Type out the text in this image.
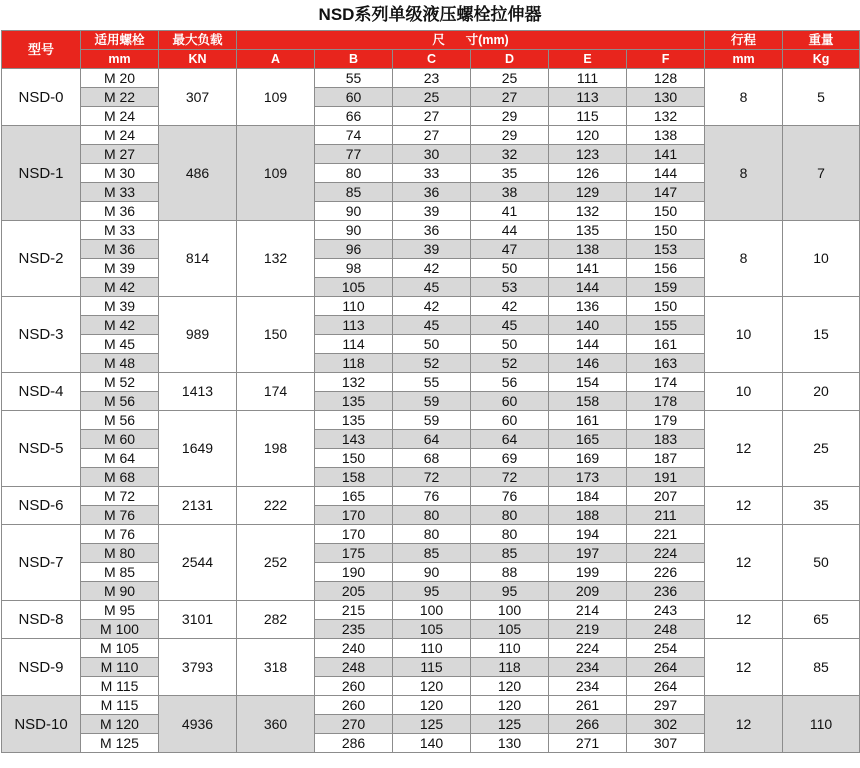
NSD系列单级液压螺栓拉伸器
型号	适用螺栓	最大负载	尺      寸(mm)						行程	重量
	mm	KN	A	B	C	D	E	F	mm	Kg
NSD-0	M 20	307	109	55	23	25	111	128	8	5
	M 22			60	25	27	113	130		
	M 24			66	27	29	115	132		
NSD-1	M 24	486	109	74	27	29	120	138	8	7
	M 27			77	30	32	123	141		
	M 30			80	33	35	126	144		
	M 33			85	36	38	129	147		
	M 36			90	39	41	132	150		
NSD-2	M 33	814	132	90	36	44	135	150	8	10
	M 36			96	39	47	138	153		
	M 39			98	42	50	141	156		
	M 42			105	45	53	144	159		
NSD-3	M 39	989	150	110	42	42	136	150	10	15
	M 42			113	45	45	140	155		
	M 45			114	50	50	144	161		
	M 48			118	52	52	146	163		
NSD-4	M 52	1413	174	132	55	56	154	174	10	20
	M 56			135	59	60	158	178		
NSD-5	M 56	1649	198	135	59	60	161	179	12	25
	M 60			143	64	64	165	183		
	M 64			150	68	69	169	187		
	M 68			158	72	72	173	191		
NSD-6	M 72	2131	222	165	76	76	184	207	12	35
	M 76			170	80	80	188	211		
NSD-7	M 76	2544	252	170	80	80	194	221	12	50
	M 80			175	85	85	197	224		
	M 85			190	90	88	199	226		
	M 90			205	95	95	209	236		
NSD-8	M 95	3101	282	215	100	100	214	243	12	65
	M 100			235	105	105	219	248		
NSD-9	M 105	3793	318	240	110	110	224	254	12	85
	M 110			248	115	118	234	264		
	M 115			260	120	120	234	264		
NSD-10	M 115	4936	360	260	120	120	261	297	12	110
	M 120			270	125	125	266	302		
	M 125			286	140	130	271	307		
